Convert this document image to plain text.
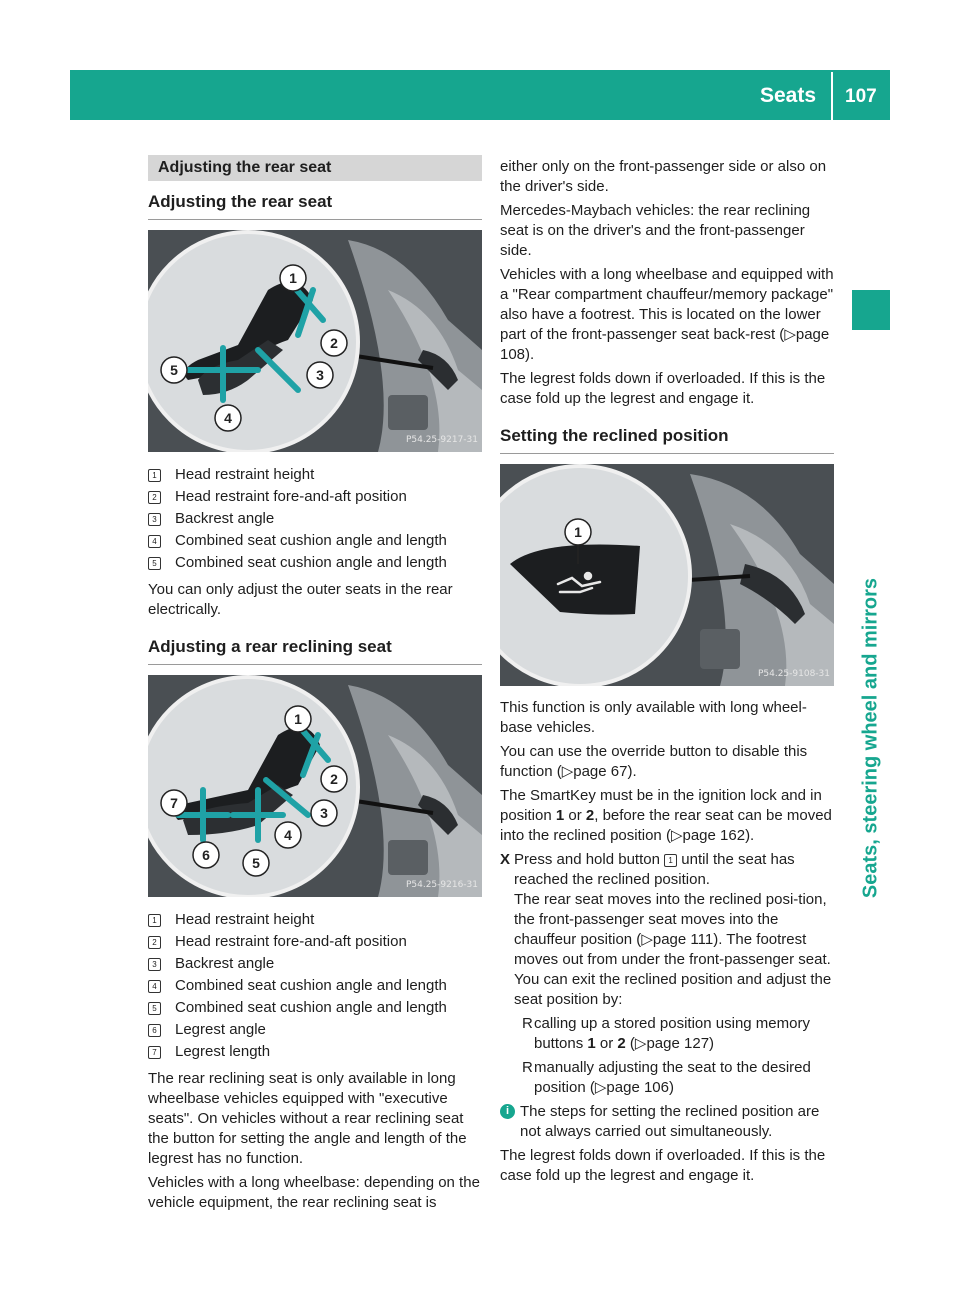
Seats 107
Seats, steering wheel and mirrors
Adjusting the rear seat
Adjusting the rear seat
1
2
3
4
5
P54.25-9217-31
1 Head restraint height
2 Head restraint fore-and-aft position
3 Backrest angle
4 Combined seat cushion angle and length
5 Combined seat cushion angle and length

You can only adjust the outer seats in the rear electrically.

Adjusting a rear reclining seat
1
2
3
4
5
6
7
P54.25-9216-31
1 Head restraint height
2 Head restraint fore-and-aft position
3 Backrest angle
4 Combined seat cushion angle and length
5 Combined seat cushion angle and length
6 Legrest angle
7 Legrest length

The rear reclining seat is only available in long wheelbase vehicles equipped with "executive seats". On vehicles without a rear reclining seat the button for setting the angle and length of the legrest has no function.

Vehicles with a long wheelbase: depending on the vehicle equipment, the rear reclining seat is

either only on the front-passenger side or also on the driver's side.

Mercedes-Maybach vehicles: the rear reclining seat is on the driver's and the front-passenger side.

Vehicles with a long wheelbase and equipped with a "Rear compartment chauffeur/memory package" also have a footrest. This is located on the lower part of the front-passenger seat back-rest (▷page 108).

The legrest folds down if overloaded. If this is the case fold up the legrest and engage it.

Setting the reclined position
1
P54.25-9108-31

This function is only available with long wheel-base vehicles.

You can use the override button to disable this function (▷page 67).

The SmartKey must be in the ignition lock and in position 1 or 2, before the rear seat can be moved into the reclined position (▷page 162).

X Press and hold button 1 until the seat has reached the reclined position.
The rear seat moves into the reclined posi-tion, the front-passenger seat moves into the chauffeur position (▷page 111). The footrest moves out from under the front-passenger seat.
You can exit the reclined position and adjust the seat position by:
R calling up a stored position using memory buttons 1 or 2 (▷page 127)
R manually adjusting the seat to the desired position (▷page 106)
i The steps for setting the reclined position are not always carried out simultaneously.

The legrest folds down if overloaded. If this is the case fold up the legrest and engage it.
